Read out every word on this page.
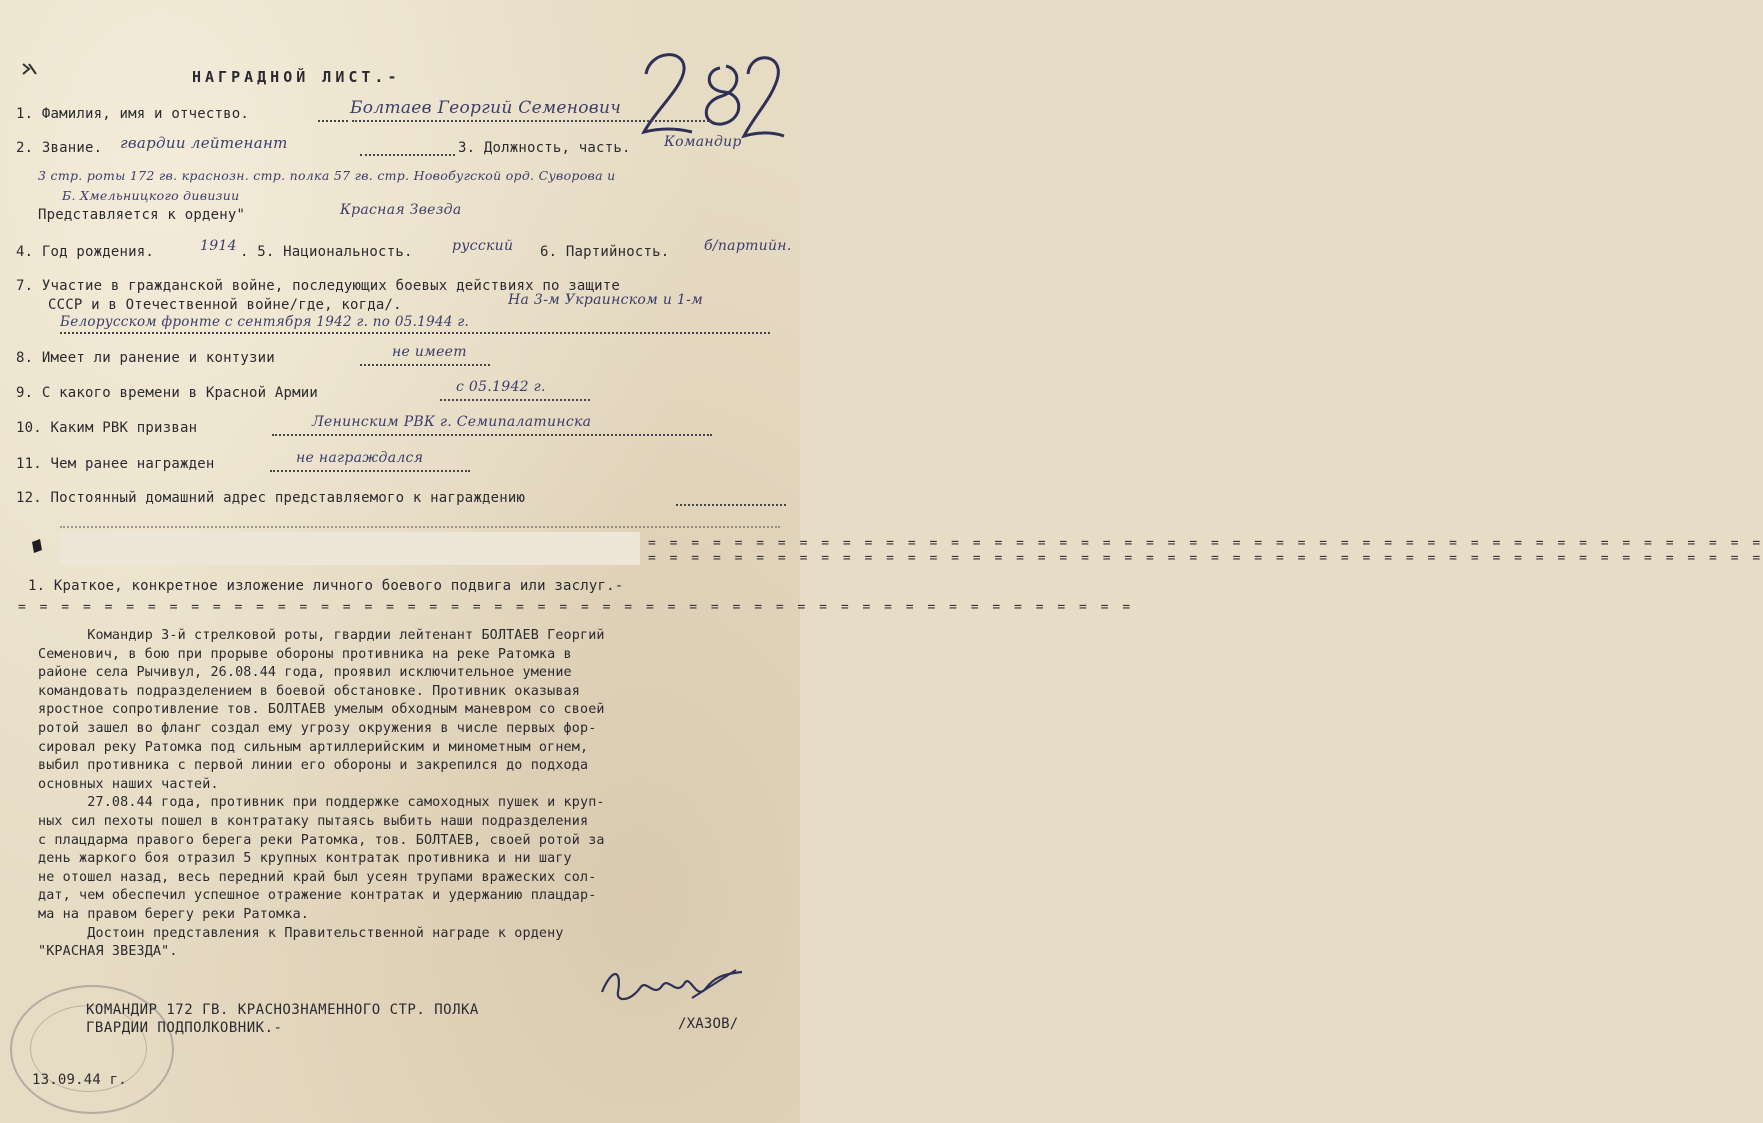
НАГРАДНОЙ ЛИСТ.-
1. Фамилия, имя и отчество.	Болтаев Георгий Семенович
2. Звание. гвардии лейтенант	3. Должность, часть. Командир
3 стр. роты 172 гв. краснозн. стр. полка 57 гв. стр. Новобугской орд. Суворова и
Б. Хмельницкого дивизии
Представляется к ордену"	Красная Звезда
4. Год рождения.	1914 . 5. Национальность.	русский 6. Партийность. б/партийн.
7. Участие в гражданской войне, последующих боевых действиях по защите
СССР и в Отечественной войне/где, когда/.	На 3-м Украинском и 1-м
Белорусском фронте с сентября 1942 г. по 05.1944 г.
8. Имеет ли ранение и контузии	не имеет
9. С какого времени в Красной Армии	с 05.1942 г.
10. Каким РВК призван	Ленинским РВК г. Семипалатинска
11. Чем ранее награжден	не награждался
12. Постоянный домашний адрес представляемого к награждению
= = = = = = = = = = = = = = = = = = = = = = = = = = = = = = = = = = = = = = = = = = = = = = = = = = = =
= = = = = = = = = = = = = = = = = = = = = = = = = = = = = = = = = = = = = = = = = = = = = = = = = = = =
1. Краткое, конкретное изложение личного боевого подвига или заслуг.-
= = = = = = = = = = = = = = = = = = = = = = = = = = = = = = = = = = = = = = = = = = = = = = = = = = = =
Командир 3-й стрелковой роты, гвардии лейтенант БОЛТАЕВ Георгий
Семенович, в бою при прорыве обороны противника на реке Ратомка в
районе села Рычивул, 26.08.44 года, проявил исключительное умение
командовать подразделением в боевой обстановке. Противник оказывая
яростное сопротивление тов. БОЛТАЕВ умелым обходным маневром со своей
ротой зашел во фланг создал ему угрозу окружения в числе первых фор-
сировал реку Ратомка под сильным артиллерийским и минометным огнем,
выбил противника с первой линии его обороны и закрепился до подхода
основных наших частей.
27.08.44 года, противник при поддержке самоходных пушек и круп-
ных сил пехоты пошел в контратаку пытаясь выбить наши подразделения
с плацдарма правого берега реки Ратомка, тов. БОЛТАЕВ, своей ротой за
день жаркого боя отразил 5 крупных контратак противника и ни шагу
не отошел назад, весь передний край был усеян трупами вражеских сол-
дат, чем обеспечил успешное отражение контратак и удержанию плацдар-
ма на правом берегу реки Ратомка.
Достоин представления к Правительственной награде к ордену
"КРАСНАЯ ЗВЕЗДА".
КОМАНДИР 172 ГВ. КРАСНОЗНАМЕННОГО СТР. ПОЛКА
ГВАРДИИ ПОДПОЛКОВНИК.-	/ХАЗОВ/
13.09.44 г.
